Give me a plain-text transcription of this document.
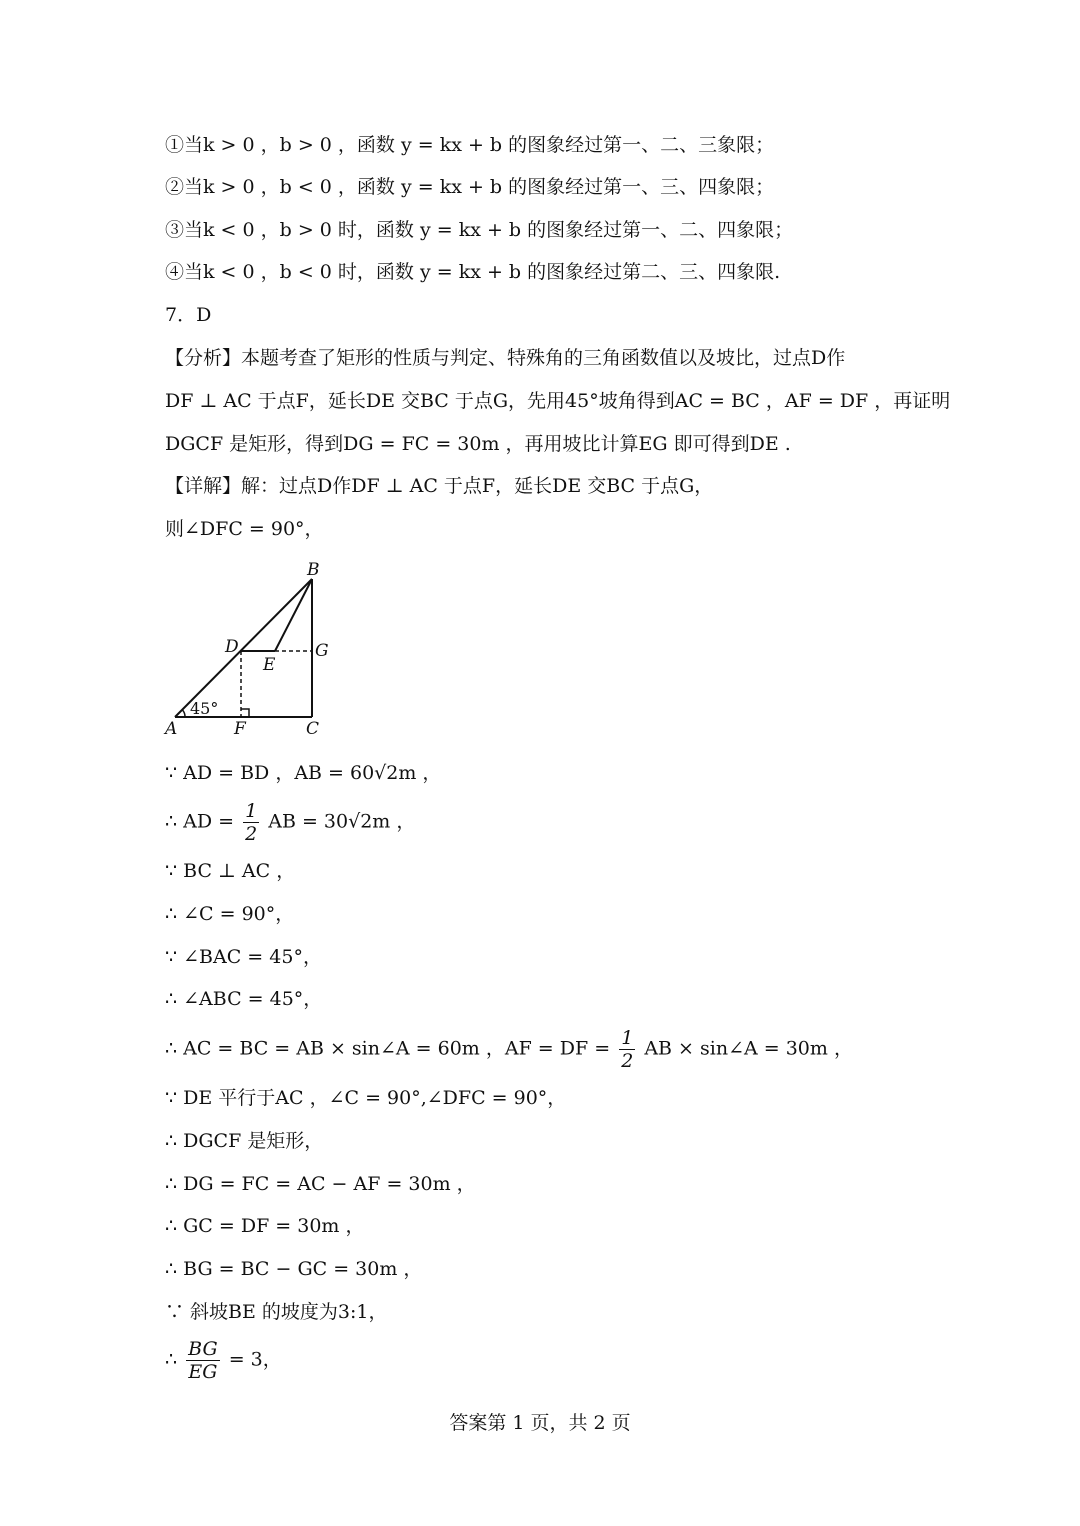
①当k > 0 ，b > 0 ，函数 y = kx + b 的图象经过第一、二、三象限；
②当k > 0 ，b < 0 ，函数 y = kx + b 的图象经过第一、三、四象限；
③当k < 0 ，b > 0 时，函数 y = kx + b 的图象经过第一、二、四象限；
④当k < 0 ，b < 0 时，函数 y = kx + b 的图象经过第二、三、四象限.
7．D
【分析】本题考查了矩形的性质与判定、特殊角的三角函数值以及坡比，过点D作
DF ⊥ AC 于点F，延长DE 交BC 于点G，先用45°坡角得到AC = BC ，AF = DF ，再证明
DGCF 是矩形，得到DG = FC = 30m ，再用坡比计算EG 即可得到DE .
【详解】解：过点D作DF ⊥ AC 于点F，延长DE 交BC 于点G，
则∠DFC = 90°，
B
D
E
G
A	F	C
45°
∵ AD = BD ，AB = 60√2m ，
∴ AD = $\frac{1}{2}$ AB = 30√2m ，
∵ BC ⊥ AC ，
∴ ∠C = 90°，
∵ ∠BAC = 45°，
∴ ∠ABC = 45°，
∴ AC = BC = AB × sin∠A = 60m ，AF = DF = $\frac{1}{2}$ AB × sin∠A = 30m ，
∵ DE 平行于AC ，∠C = 90°,∠DFC = 90°，
∴ DGCF 是矩形，
∴ DG = FC = AC − AF = 30m ，
∴ GC = DF = 30m ，
∴ BG = BC − GC = 30m ，
∵ 斜坡BE 的坡度为3:1，
∴ $\frac{BG}{EG} = 3$，
答案第 1 页，共 2 页
